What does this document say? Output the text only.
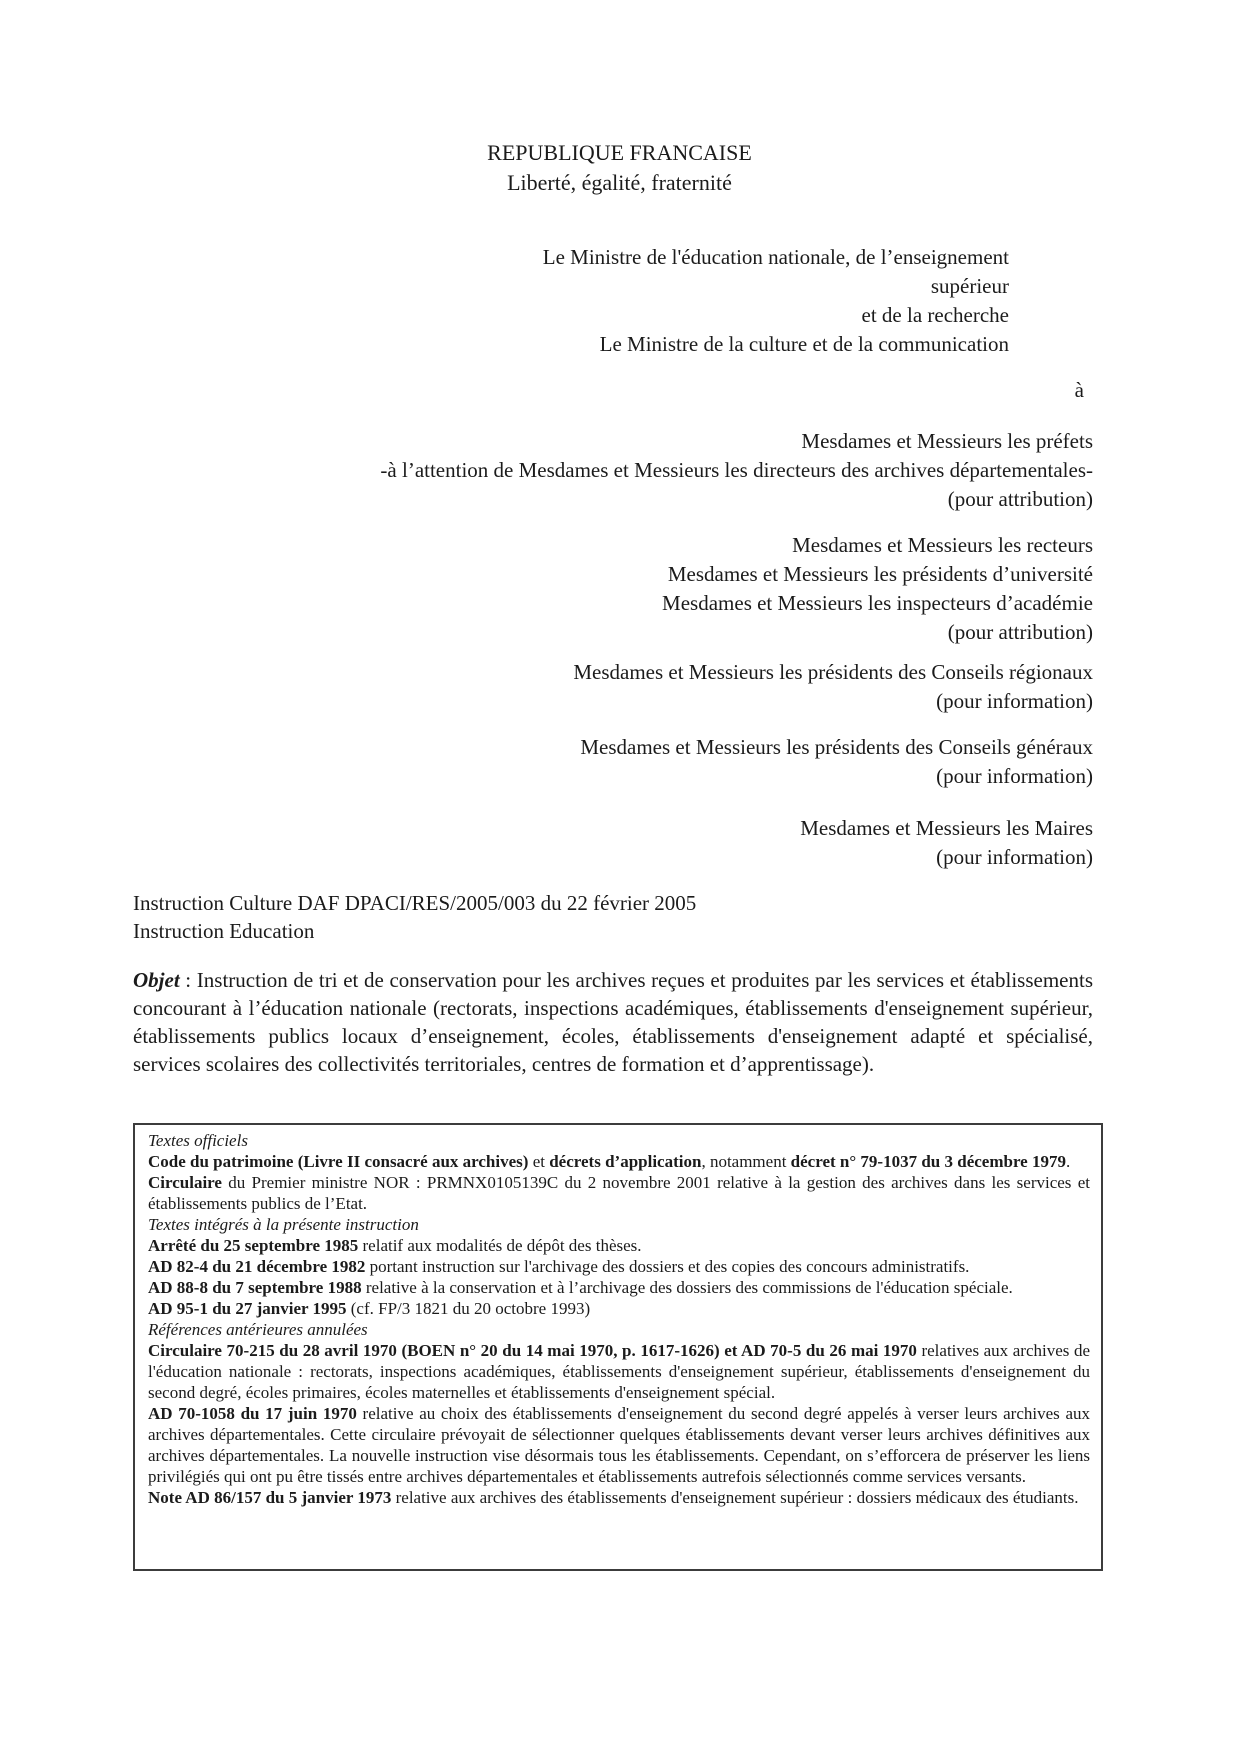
REPUBLIQUE FRANCAISE
Liberté, égalité, fraternité
Le Ministre de l'éducation nationale, de l’enseignement
supérieur
et de la recherche
Le Ministre de la culture et de la communication
à
Mesdames et Messieurs les préfets
-à l’attention de Mesdames et Messieurs les directeurs des archives départementales-
(pour attribution)
Mesdames et Messieurs les recteurs
Mesdames et Messieurs les présidents d’université
Mesdames et Messieurs les inspecteurs d’académie
(pour attribution)
Mesdames et Messieurs les présidents des Conseils régionaux
(pour information)
Mesdames et Messieurs les présidents des Conseils généraux
(pour information)
Mesdames et Messieurs les Maires
(pour information)
Instruction Culture DAF DPACI/RES/2005/003 du 22 février 2005
Instruction Education
Objet : Instruction de tri et de conservation pour les archives reçues et produites par les services et établissements concourant à l’éducation nationale (rectorats, inspections académiques, établissements d'enseignement supérieur, établissements publics locaux d’enseignement, écoles, établissements d'enseignement adapté et spécialisé, services scolaires des collectivités territoriales, centres de formation et d’apprentissage).

Textes officiels

Code du patrimoine (Livre II consacré aux archives) et décrets d’application, notamment décret n° 79-1037 du 3 décembre 1979.

Circulaire du Premier ministre NOR : PRMNX0105139C du 2 novembre 2001 relative à la gestion des archives dans les services et établissements publics de l’Etat.

Textes intégrés à la présente instruction

Arrêté du 25 septembre 1985 relatif aux modalités de dépôt des thèses.

AD 82-4 du 21 décembre 1982 portant instruction sur l'archivage des dossiers et des copies des concours administratifs.

AD 88-8 du 7 septembre 1988 relative à la conservation et à l’archivage des dossiers des commissions de l'éducation spéciale.

AD 95-1 du 27 janvier 1995 (cf. FP/3 1821 du 20 octobre 1993)

Références antérieures annulées

Circulaire 70-215 du 28 avril 1970 (BOEN n° 20 du 14 mai 1970, p. 1617-1626) et AD 70-5 du 26 mai 1970 relatives aux archives de l'éducation nationale : rectorats, inspections académiques, établissements d'enseignement supérieur, établissements d'enseignement du second degré, écoles primaires, écoles maternelles et établissements d'enseignement spécial.

AD 70-1058 du 17 juin 1970 relative au choix des établissements d'enseignement du second degré appelés à verser leurs archives aux archives départementales. Cette circulaire prévoyait de sélectionner quelques établissements devant verser leurs archives définitives aux archives départementales. La nouvelle instruction vise désormais tous les établissements. Cependant, on s’efforcera de préserver les liens privilégiés qui ont pu être tissés entre archives départementales et établissements autrefois sélectionnés comme services versants.

Note AD 86/157 du 5 janvier 1973 relative aux archives des établissements d'enseignement supérieur : dossiers médicaux des étudiants.
